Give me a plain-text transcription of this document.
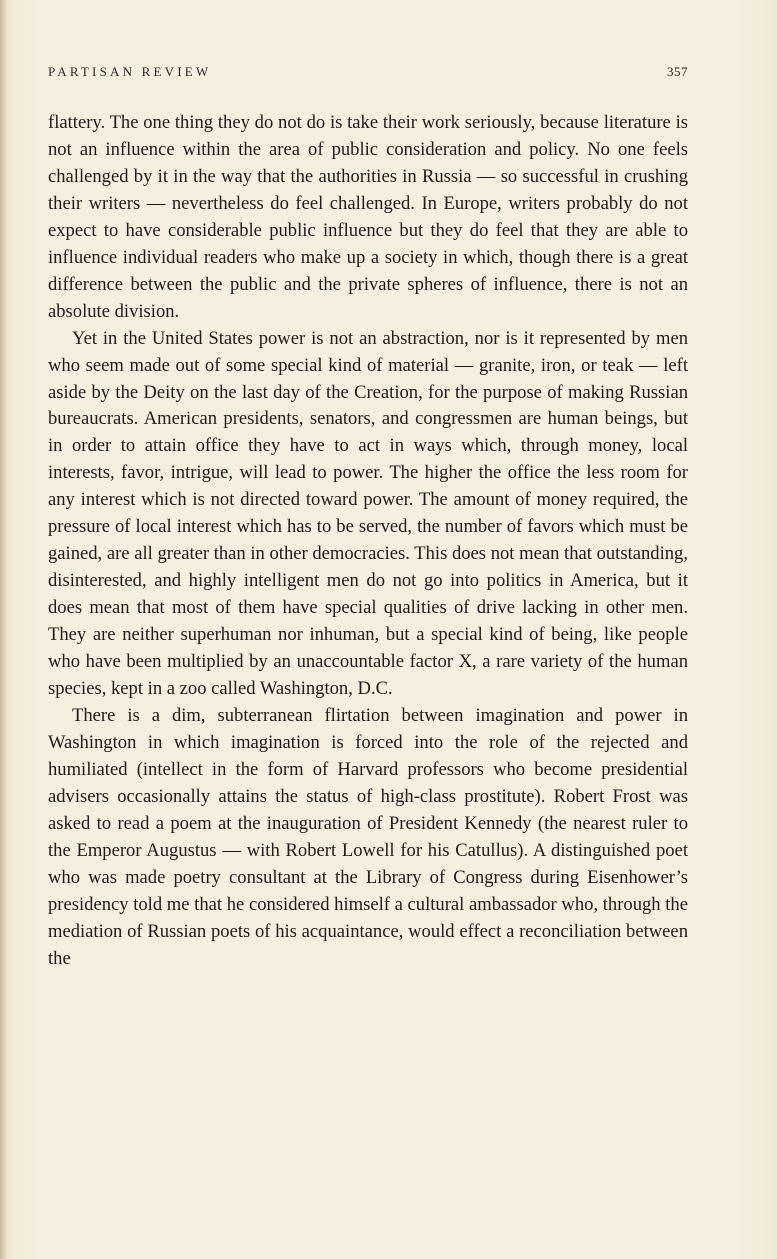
PARTISAN REVIEW	357

flattery. The one thing they do not do is take their work seriously, because literature is not an influence within the area of public consideration and policy. No one feels challenged by it in the way that the authorities in Russia — so successful in crushing their writers — nevertheless do feel challenged. In Europe, writers probably do not expect to have considerable public influence but they do feel that they are able to influence individual readers who make up a society in which, though there is a great difference between the public and the private spheres of influence, there is not an absolute division.

Yet in the United States power is not an abstraction, nor is it represented by men who seem made out of some special kind of material — granite, iron, or teak — left aside by the Deity on the last day of the Creation, for the purpose of making Russian bureaucrats. American presidents, senators, and congressmen are human beings, but in order to attain office they have to act in ways which, through money, local interests, favor, intrigue, will lead to power. The higher the office the less room for any interest which is not directed toward power. The amount of money required, the pressure of local interest which has to be served, the number of favors which must be gained, are all greater than in other democracies. This does not mean that outstanding, disinterested, and highly intelligent men do not go into politics in America, but it does mean that most of them have special qualities of drive lacking in other men. They are neither superhuman nor inhuman, but a special kind of being, like people who have been multiplied by an unaccountable factor X, a rare variety of the human species, kept in a zoo called Washington, D.C.

There is a dim, subterranean flirtation between imagination and power in Washington in which imagination is forced into the role of the rejected and humiliated (intellect in the form of Harvard professors who become presidential advisers occasionally attains the status of high-class prostitute). Robert Frost was asked to read a poem at the inauguration of President Kennedy (the nearest ruler to the Emperor Augustus — with Robert Lowell for his Catullus). A distinguished poet who was made poetry consultant at the Library of Congress during Eisenhower’s presidency told me that he considered himself a cultural ambassador who, through the mediation of Russian poets of his acquaintance, would effect a reconciliation between the
